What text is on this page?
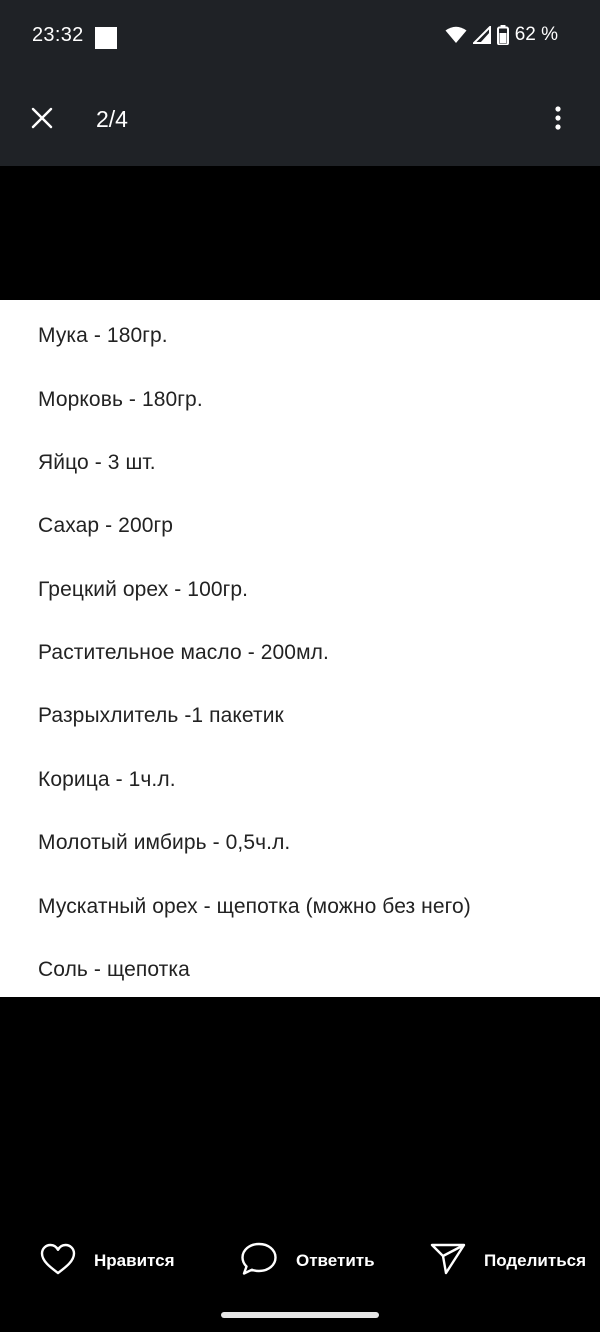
23:32	62 %
2/4
Мука - 180гр.
Морковь - 180гр.
Яйцо - 3 шт.
Сахар - 200гр
Грецкий орех - 100гр.
Растительное масло - 200мл.
Разрыхлитель -1 пакетик
Корица - 1ч.л.
Молотый имбирь - 0,5ч.л.
Мускатный орех - щепотка (можно без него)
Соль - щепотка
Нравится	Ответить	Поделиться
